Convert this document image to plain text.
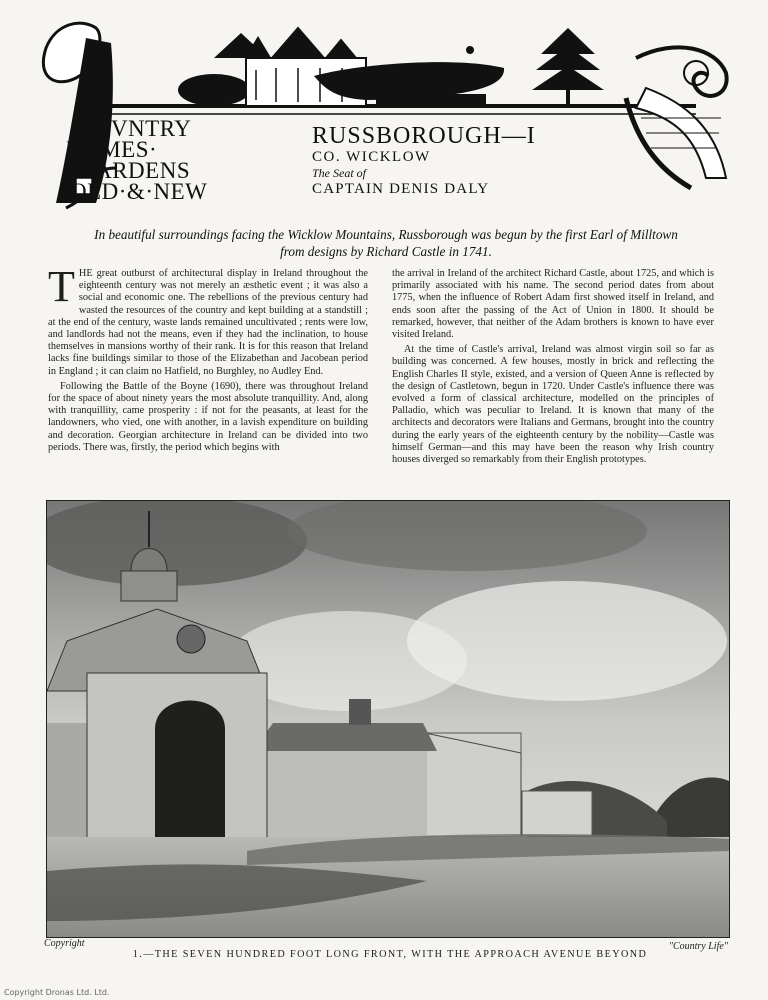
COVNTRY
HOMES·
GARDENS
OLD·&·NEW
RUSSBOROUGH—I
CO. WICKLOW
The Seat of
CAPTAIN DENIS DALY
In beautiful surroundings facing the Wicklow Mountains, Russborough was begun by the first Earl of Milltown from designs by Richard Castle in 1741.

THE great outburst of architectural display in Ireland throughout the eighteenth century was not merely an æsthetic event ; it was also a social and economic one. The rebellions of the previous century had wasted the resources of the country and kept building at a standstill ; at the end of the century, waste lands remained uncultivated ; rents were low, and landlords had not the means, even if they had the inclination, to house themselves in mansions worthy of their rank. It is for this reason that Ireland lacks fine buildings similar to those of the Elizabethan and Jacobean period in England ; it can claim no Hatfield, no Burghley, no Audley End.

Following the Battle of the Boyne (1690), there was throughout Ireland for the space of about ninety years the most absolute tranquillity. And, along with tranquillity, came prosperity : if not for the peasants, at least for the landowners, who vied, one with another, in a lavish expenditure on building and decoration. Georgian architecture in Ireland can be divided into two periods. There was, firstly, the period which begins with

the arrival in Ireland of the architect Richard Castle, about 1725, and which is primarily associated with his name. The second period dates from about 1775, when the influence of Robert Adam first showed itself in Ireland, and ends soon after the passing of the Act of Union in 1800. It should be remarked, however, that neither of the Adam brothers is known to have ever visited Ireland.

At the time of Castle's arrival, Ireland was almost virgin soil so far as building was concerned. A few houses, mostly in brick and reflecting the English Charles II style, existed, and a version of Queen Anne is reflected by the design of Castletown, begun in 1720. Under Castle's influence there was evolved a form of classical architecture, modelled on the principles of Palladio, which was peculiar to Ireland. It is known that many of the architects and decorators were Italians and Germans, brought into the country during the early years of the eighteenth century by the nobility—Castle was himself German—and this may have been the reason why Irish country houses diverged so remarkably from their English prototypes.

Copyright	"Country Life"
1.—THE SEVEN HUNDRED FOOT LONG FRONT, WITH THE APPROACH AVENUE BEYOND
Copyright Dronas Ltd. Ltd.
